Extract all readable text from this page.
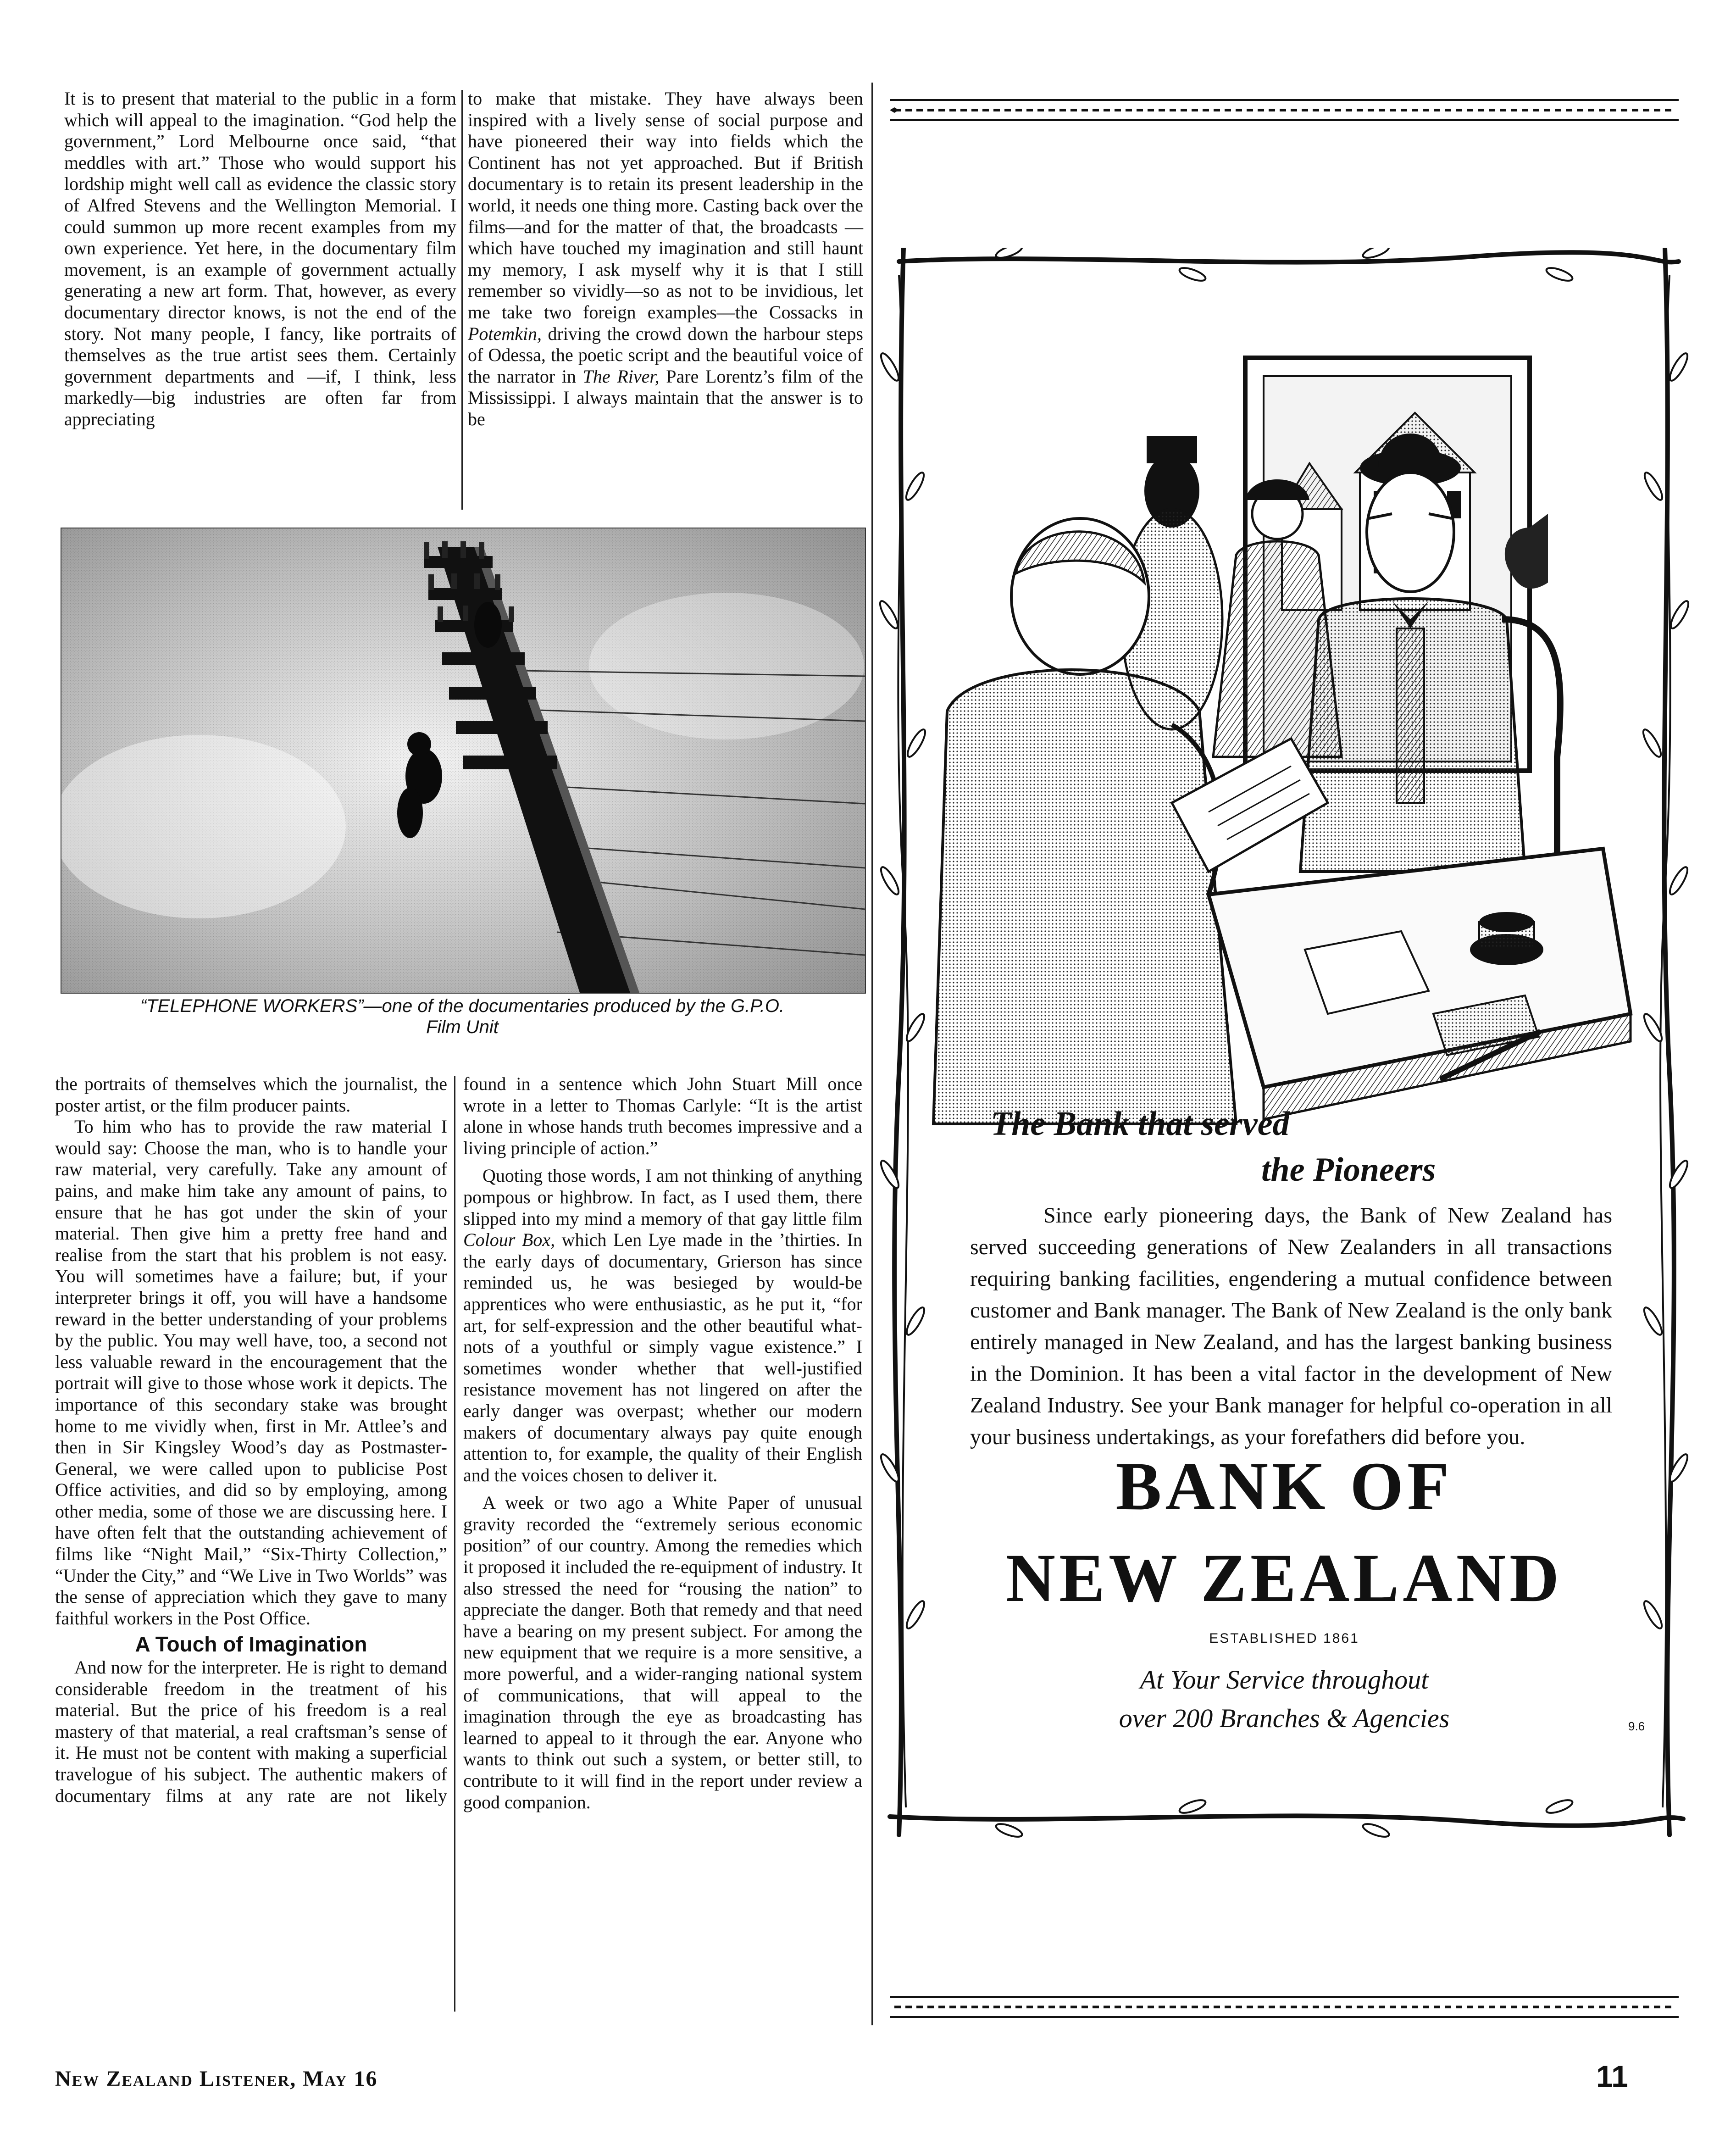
It is to present that material to the public in a form which will appeal to the imagination. “God help the government,” Lord Melbourne once said, “that meddles with art.” Those who would support his lordship might well call as evidence the classic story of Alfred Stevens and the Wellington Memorial. I could summon up more recent examples from my own experience. Yet here, in the documentary film movement, is an example of government actually generating a new art form. That, however, as every documentary director knows, is not the end of the story. Not many people, I fancy, like portraits of themselves as the true artist sees them. Certainly government departments and —if, I think, less markedly—big industries are often far from appreciating

to make that mistake. They have always been inspired with a lively sense of social purpose and have pioneered their way into fields which the Continent has not yet approached. But if British documentary is to retain its present leadership in the world, it needs one thing more. Casting back over the films—and for the matter of that, the broadcasts —which have touched my imagination and still haunt my memory, I ask myself why it is that I still remember so vividly—so as not to be invidious, let me take two foreign examples—the Cossacks in Potemkin, driving the crowd down the harbour steps of Odessa, the poetic script and the beautiful voice of the narrator in The River, Pare Lorentz’s film of the Mississippi. I always maintain that the answer is to be

“TELEPHONE WORKERS”—one of the documentaries produced by the G.P.O.
Film Unit

the portraits of themselves which the journalist, the poster artist, or the film producer paints.

To him who has to provide the raw material I would say: Choose the man, who is to handle your raw material, very carefully. Take any amount of pains, and make him take any amount of pains, to ensure that he has got under the skin of your material. Then give him a pretty free hand and realise from the start that his problem is not easy. You will sometimes have a failure; but, if your interpreter brings it off, you will have a handsome reward in the better understanding of your problems by the public. You may well have, too, a second not less valuable reward in the encouragement that the portrait will give to those whose work it depicts. The importance of this secondary stake was brought home to me vividly when, first in Mr. Attlee’s and then in Sir Kingsley Wood’s day as Postmaster-General, we were called upon to publicise Post Office activities, and did so by employing, among other media, some of those we are discussing here. I have often felt that the outstanding achievement of films like “Night Mail,” “Six-Thirty Collection,” “Under the City,” and “We Live in Two Worlds” was the sense of appreciation which they gave to many faithful workers in the Post Office.

A Touch of Imagination

And now for the interpreter. He is right to demand considerable freedom in the treatment of his material. But the price of his freedom is a real mastery of that material, a real craftsman’s sense of it. He must not be content with making a superficial travelogue of his subject. The authentic makers of documentary films at any rate are not likely

found in a sentence which John Stuart Mill once wrote in a letter to Thomas Carlyle: “It is the artist alone in whose hands truth becomes impressive and a living principle of action.”

Quoting those words, I am not thinking of anything pompous or highbrow. In fact, as I used them, there slipped into my mind a memory of that gay little film Colour Box, which Len Lye made in the ’thirties. In the early days of documentary, Grierson has since reminded us, he was besieged by would-be apprentices who were enthusiastic, as he put it, “for art, for self-expression and the other beautiful what-nots of a youthful or simply vague existence.” I sometimes wonder whether that well-justified resistance movement has not lingered on after the early danger was overpast; whether our modern makers of documentary always pay quite enough attention to, for example, the quality of their English and the voices chosen to deliver it.

A week or two ago a White Paper of unusual gravity recorded the “extremely serious economic position” of our country. Among the remedies which it proposed it included the re-equipment of industry. It also stressed the need for “rousing the nation” to appreciate the danger. Both that remedy and that need have a bearing on my present subject. For among the new equipment that we require is a more sensitive, a more powerful, and a wider-ranging national system of communications, that will appeal to the imagination through the eye as broadcasting has learned to appeal to it through the ear. Anyone who wants to think out such a system, or better still, to contribute to it will find in the report under review a good companion.

New Zealand Listener, May 16	11
The Bank that served
the Pioneers

Since early pioneering days, the Bank of New Zealand has served succeeding generations of New Zealanders in all transactions requiring banking facilities, engendering a mutual confidence between customer and Bank manager. The Bank of New Zealand is the only bank entirely managed in New Zealand, and has the largest banking business in the Dominion. It has been a vital factor in the development of New Zealand Industry. See your Bank manager for helpful co-operation in all your business undertakings, as your forefathers did before you.

BANK OF
NEW ZEALAND
ESTABLISHED 1861
At Your Service throughout
over 200 Branches & Agencies	9.6
